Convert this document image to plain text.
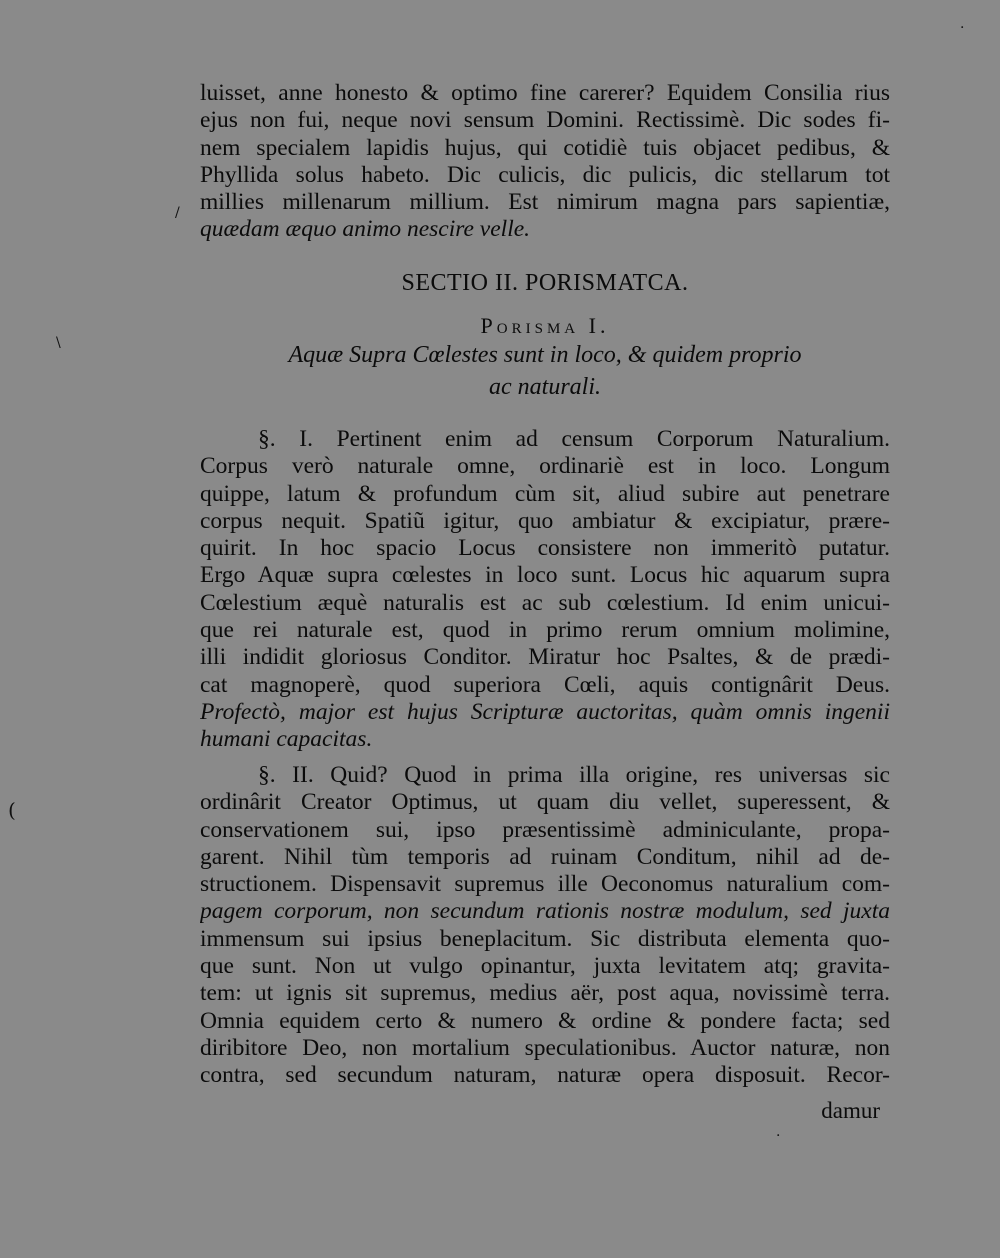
luisset, anne honesto & optimo fine carerer? Equidem Consilia rius
ejus non fui, neque novi sensum Domini. Rectissimè. Dic sodes fi-
nem specialem lapidis hujus, qui cotidiè tuis objacet pedibus, &
Phyllida solus habeto. Dic culicis, dic pulicis, dic stellarum tot
millies millenarum millium. Est nimirum magna pars sapientiæ,
quædam æquo animo nescire velle.
SECTIO II. PORISMATCA.
Porisma I.
Aquæ Supra Cœlestes sunt in loco, & quidem proprio
ac naturali.
§. I. Pertinent enim ad censum Corporum Naturalium.
Corpus verò naturale omne, ordinariè est in loco. Longum
quippe, latum & profundum cùm sit, aliud subire aut penetrare
corpus nequit. Spatiũ igitur, quo ambiatur & excipiatur, prære-
quirit. In hoc spacio Locus consistere non immeritò putatur.
Ergo Aquæ supra cœlestes in loco sunt. Locus hic aquarum supra
Cœlestium æquè naturalis est ac sub cœlestium. Id enim unicui-
que rei naturale est, quod in primo rerum omnium molimine,
illi indidit gloriosus Conditor. Miratur hoc Psaltes, & de prædi-
cat magnoperè, quod superiora Cœli, aquis contignârit Deus.
Profectò, major est hujus Scripturæ auctoritas, quàm omnis ingenii
humani capacitas.
§. II. Quid? Quod in prima illa origine, res universas sic
ordinârit Creator Optimus, ut quam diu vellet, superessent, &
conservationem sui, ipso præsentissimè adminiculante, propa-
garent. Nihil tùm temporis ad ruinam Conditum, nihil ad de-
structionem. Dispensavit supremus ille Oeconomus naturalium com-
pagem corporum, non secundum rationis nostræ modulum, sed juxta
immensum sui ipsius beneplacitum. Sic distributa elementa quo-
que sunt. Non ut vulgo opinantur, juxta levitatem atq; gravita-
tem: ut ignis sit supremus, medius aër, post aqua, novissimè terra.
Omnia equidem certo & numero & ordine & pondere facta; sed
diribitore Deo, non mortalium speculationibus. Auctor naturæ, non
contra, sed secundum naturam, naturæ opera disposuit. Recor-
damur
/
\
(
·
·
